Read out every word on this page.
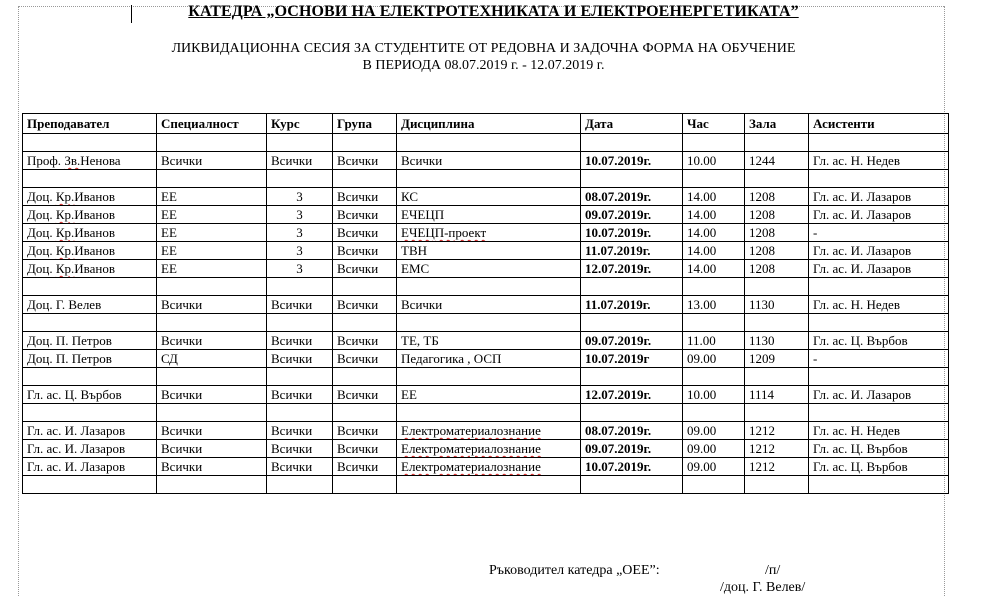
КАТЕДРА „ОСНОВИ НА ЕЛЕКТРОТЕХНИКАТА И ЕЛЕКТРОЕНЕРГЕТИКАТА”
ЛИКВИДАЦИОННА СЕСИЯ ЗА СТУДЕНТИТЕ ОТ РЕДОВНА И ЗАДОЧНА ФОРМА НА ОБУЧЕНИЕ
В ПЕРИОДА 08.07.2019 г. - 12.07.2019 г.
Преподавател	Специалност	Курс	Група	Дисциплина	Дата	Час	Зала	Асистенти

Проф. Зв.Ненова	Всички	Всички	Всички	Всички	10.07.2019г.	10.00	1244	Гл. ас. Н. Недев

Доц. Кр.Иванов	ЕЕ	3	Всички	КС	08.07.2019г.	14.00	1208	Гл. ас. И. Лазаров
Доц. Кр.Иванов	ЕЕ	3	Всички	ЕЧЕЦП	09.07.2019г.	14.00	1208	Гл. ас. И. Лазаров
Доц. Кр.Иванов	ЕЕ	3	Всички	ЕЧЕЦП-проект	10.07.2019г.	14.00	1208	-
Доц. Кр.Иванов	ЕЕ	3	Всички	ТВН	11.07.2019г.	14.00	1208	Гл. ас. И. Лазаров
Доц. Кр.Иванов	ЕЕ	3	Всички	ЕМС	12.07.2019г.	14.00	1208	Гл. ас. И. Лазаров

Доц. Г. Велев	Всички	Всички	Всички	Всички	11.07.2019г.	13.00	1130	Гл. ас. Н. Недев

Доц. П. Петров	Всички	Всички	Всички	ТЕ, ТБ	09.07.2019г.	11.00	1130	Гл. ас. Ц. Върбов
Доц. П. Петров	СД	Всички	Всички	Педагогика , ОСП	10.07.2019г	09.00	1209	-

Гл. ас. Ц. Върбов	Всички	Всички	Всички	ЕЕ	12.07.2019г.	10.00	1114	Гл. ас. И. Лазаров

Гл. ас. И. Лазаров	Всички	Всички	Всички	Електроматериалознание	08.07.2019г.	09.00	1212	Гл. ас. Н. Недев
Гл. ас. И. Лазаров	Всички	Всички	Всички	Електроматериалознание	09.07.2019г.	09.00	1212	Гл. ас. Ц. Върбов
Гл. ас. И. Лазаров	Всички	Всички	Всички	Електроматериалознание	10.07.2019г.	09.00	1212	Гл. ас. Ц. Върбов

Ръководител катедра „ОЕЕ”:	/п/
/доц. Г. Велев/
